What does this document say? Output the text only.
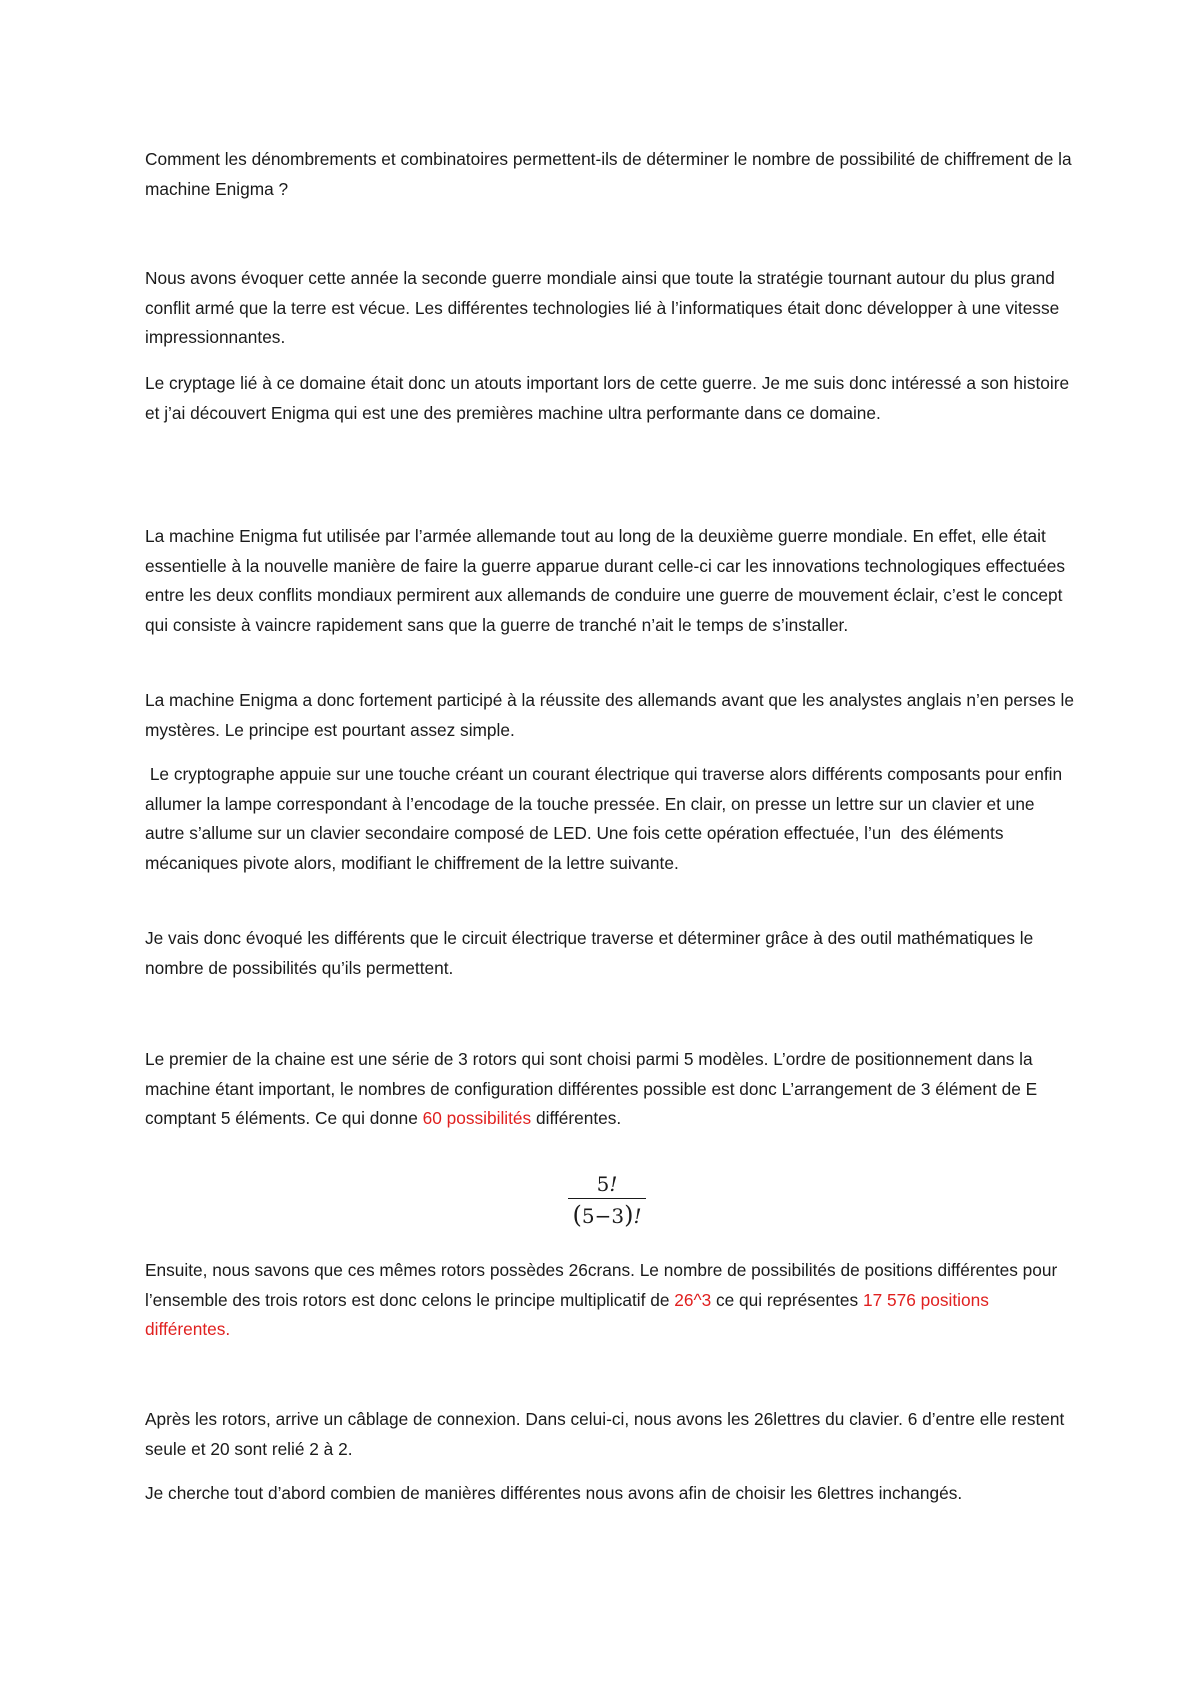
Comment les dénombrements et combinatoires permettent-ils de déterminer le nombre de possibilité de chiffrement de la machine Enigma ?

Nous avons évoquer cette année la seconde guerre mondiale ainsi que toute la stratégie tournant autour du plus grand conflit armé que la terre est vécue. Les différentes technologies lié à l’informatiques était donc développer à une vitesse impressionnantes.

Le cryptage lié à ce domaine était donc un atouts important lors de cette guerre. Je me suis donc intéressé a son histoire et j’ai découvert Enigma qui est une des premières machine ultra performante dans ce domaine.

La machine Enigma fut utilisée par l’armée allemande tout au long de la deuxième guerre mondiale. En effet, elle était essentielle à la nouvelle manière de faire la guerre apparue durant celle-ci car les innovations technologiques effectuées entre les deux conflits mondiaux permirent aux allemands de conduire une guerre de mouvement éclair, c’est le concept qui consiste à vaincre rapidement sans que la guerre de tranché n’ait le temps de s’installer.

La machine Enigma a donc fortement participé à la réussite des allemands avant que les analystes anglais n’en perses le mystères. Le principe est pourtant assez simple.

Le cryptographe appuie sur une touche créant un courant électrique qui traverse alors différents composants pour enfin allumer la lampe correspondant à l’encodage de la touche pressée. En clair, on presse un lettre sur un clavier et une autre s’allume sur un clavier secondaire composé de LED. Une fois cette opération effectuée, l’un  des éléments mécaniques pivote alors, modifiant le chiffrement de la lettre suivante.

Je vais donc évoqué les différents que le circuit électrique traverse et déterminer grâce à des outil mathématiques le nombre de possibilités qu’ils permettent.

Le premier de la chaine est une série de 3 rotors qui sont choisi parmi 5 modèles. L’ordre de positionnement dans la machine étant important, le nombres de configuration différentes possible est donc L’arrangement de 3 élément de E comptant 5 éléments. Ce qui donne 60 possibilités différentes.

5!
(5−3)!

Ensuite, nous savons que ces mêmes rotors possèdes 26crans. Le nombre de possibilités de positions différentes pour l’ensemble des trois rotors est donc celons le principe multiplicatif de 26^3 ce qui représentes 17 576 positions différentes.

Après les rotors, arrive un câblage de connexion. Dans celui-ci, nous avons les 26lettres du clavier. 6 d’entre elle restent seule et 20 sont relié 2 à 2.

Je cherche tout d’abord combien de manières différentes nous avons afin de choisir les 6lettres inchangés.
